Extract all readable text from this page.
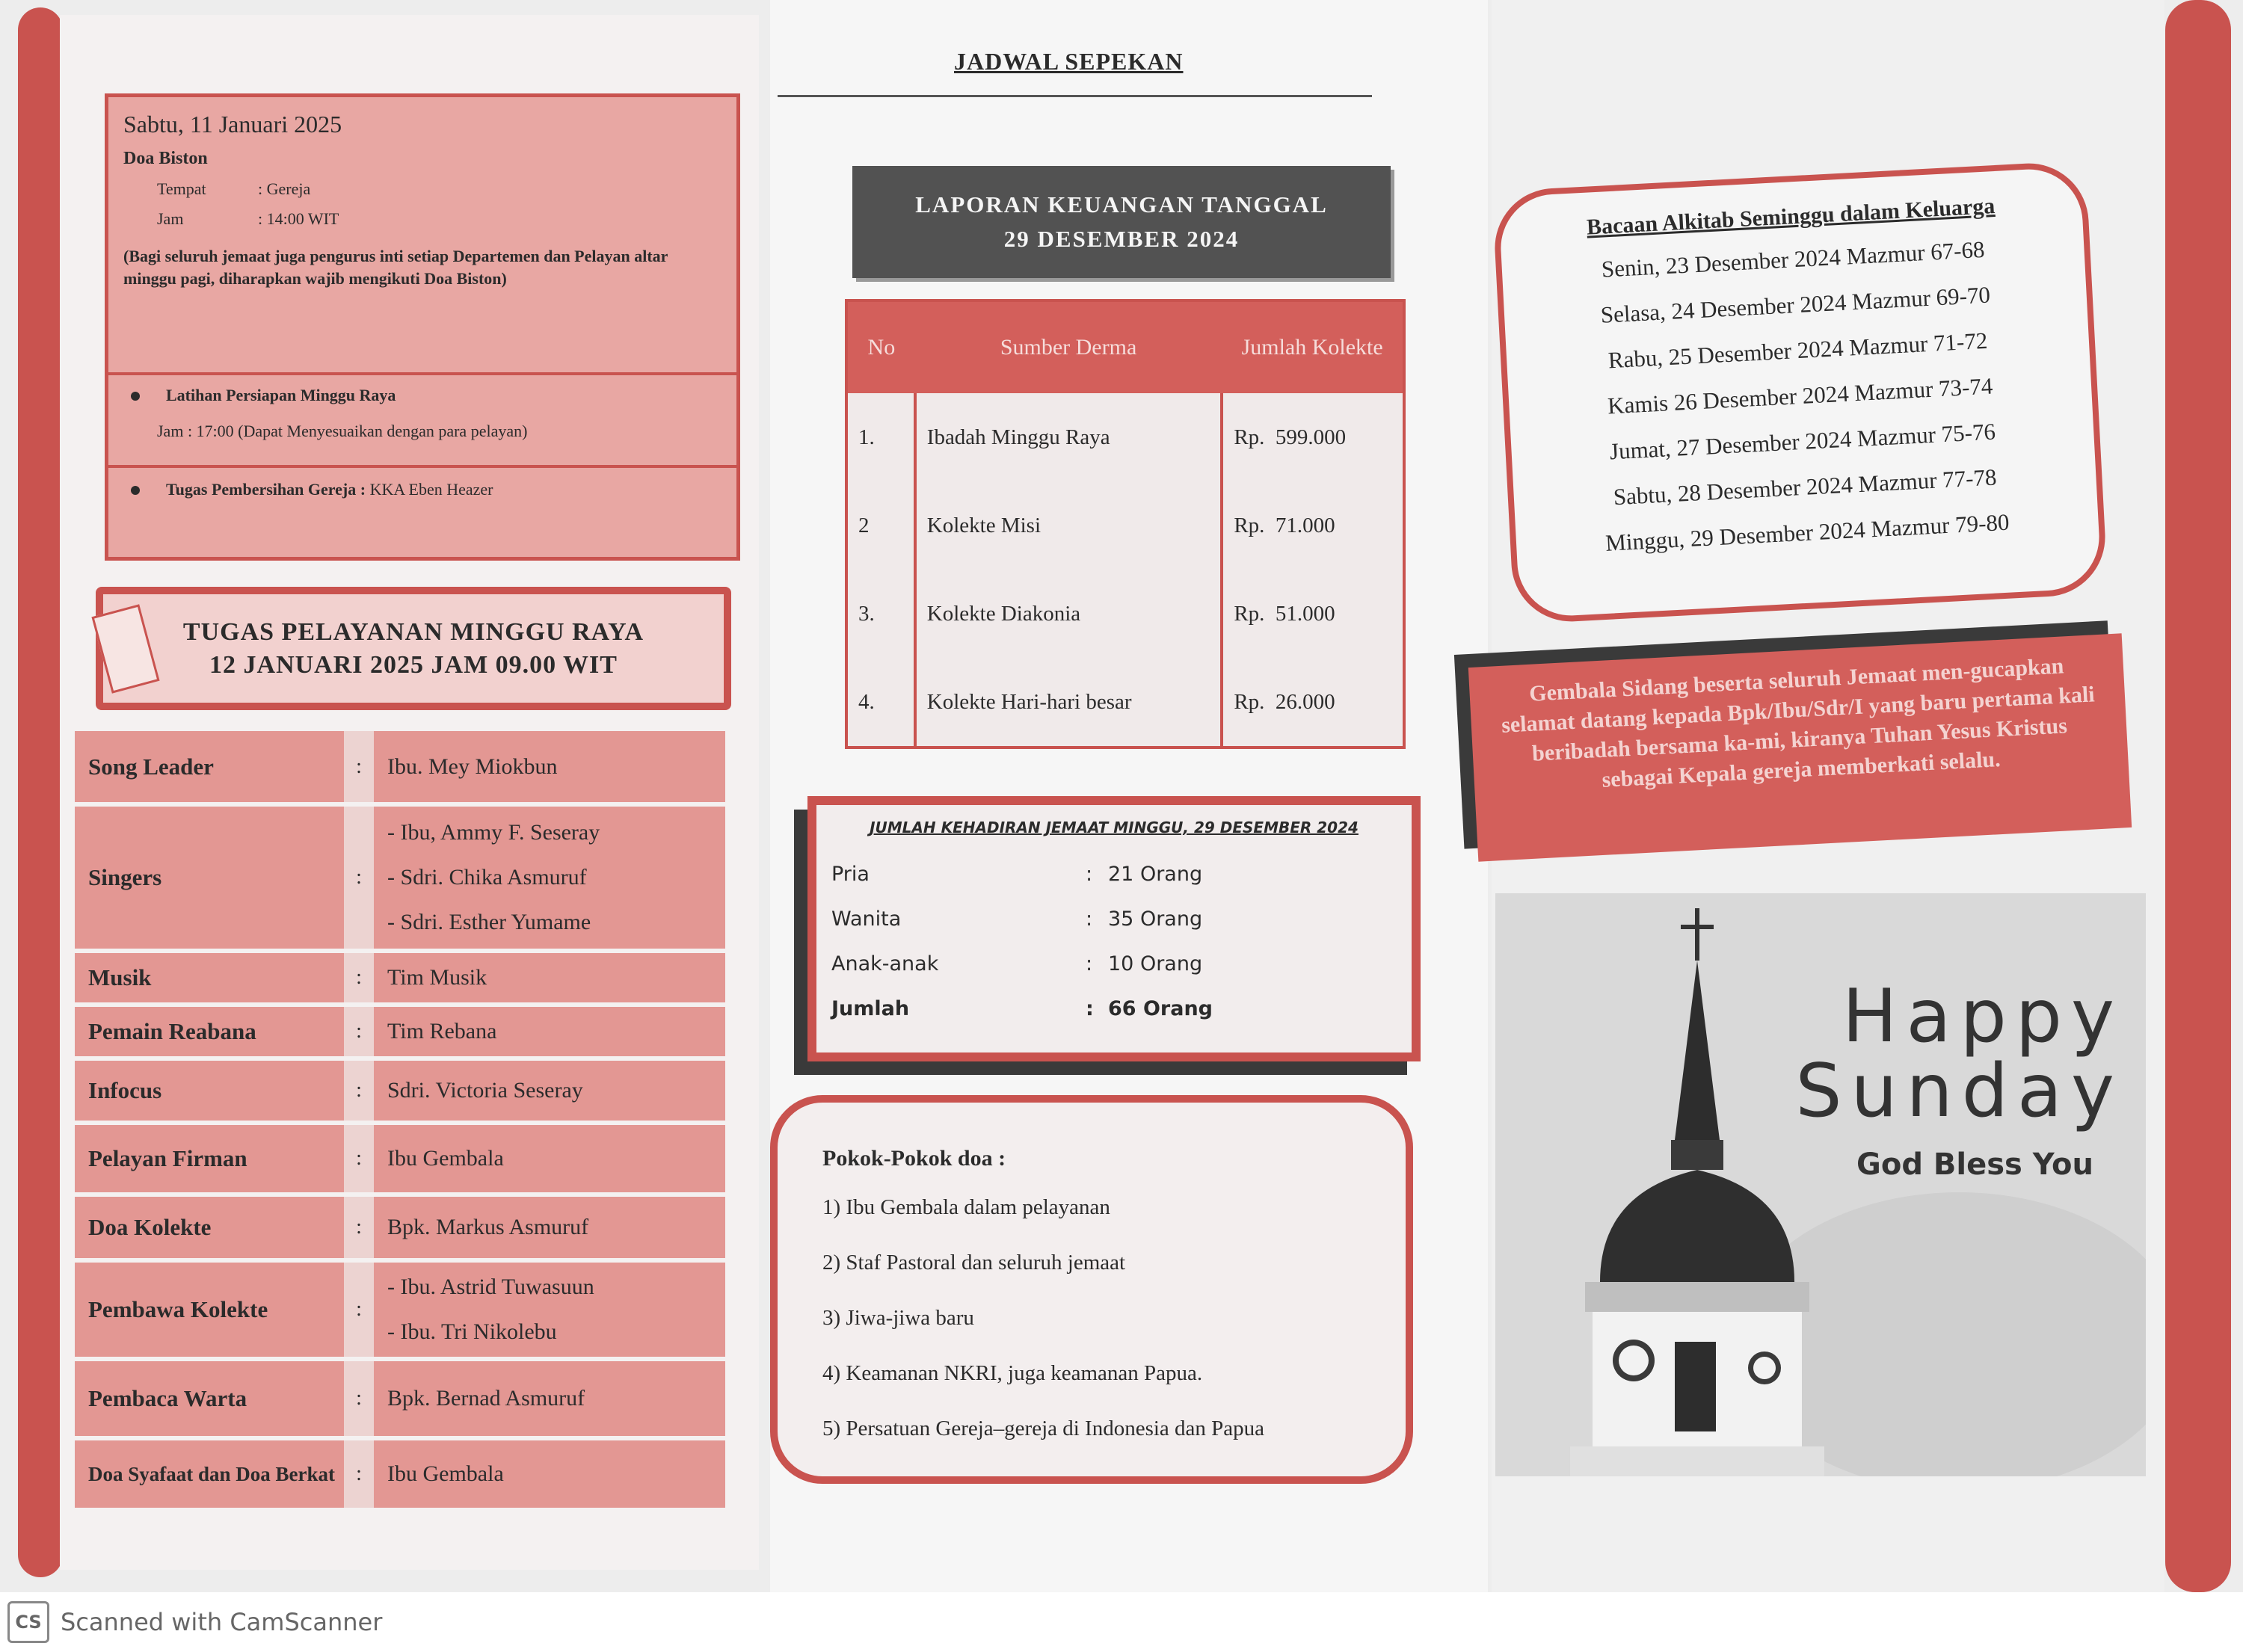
Sabtu, 11 Januari 2025
Doa Biston
Tempat	: Gereja
Jam	: 14:00 WIT
(Bagi seluruh jemaat juga pengurus inti setiap Departemen dan Pelayan altar minggu pagi, diharapkan wajib mengikuti Doa Biston)
Latihan Persiapan Minggu Raya
Jam : 17:00 (Dapat Menyesuaikan dengan para pelayan)
Tugas Pembersihan Gereja : KKA Eben Heazer
TUGAS PELAYANAN MINGGU RAYA
12 JANUARI 2025 JAM 09.00 WIT
Song Leader	:	Ibu. Mey Miokbun
Singers	:
- Ibu, Ammy F. Seseray
- Sdri. Chika Asmuruf
- Sdri. Esther Yumame
Musik	:	Tim Musik
Pemain Reabana	:	Tim Rebana
Infocus	:	Sdri. Victoria Seseray
Pelayan Firman	:	Ibu Gembala
Doa Kolekte	:	Bpk. Markus Asmuruf
Pembawa Kolekte	:
- Ibu. Astrid Tuwasuun
- Ibu. Tri Nikolebu
Pembaca Warta	:	Bpk. Bernad Asmuruf
Doa Syafaat dan Doa Berkat	:	Ibu Gembala
JADWAL SEPEKAN
LAPORAN KEUANGAN TANGGAL
29 DESEMBER 2024
No	Sumber Derma	Jumlah Kolekte
1.	Ibadah Minggu Raya	Rp. 599.000
2	Kolekte Misi	Rp. 71.000
3.	Kolekte Diakonia	Rp. 51.000
4.	Kolekte Hari-hari besar	Rp. 26.000
JUMLAH KEHADIRAN JEMAAT MINGGU, 29 DESEMBER 2024
Pria	: 21 Orang
Wanita	: 35 Orang
Anak-anak	: 10 Orang
Jumlah	: 66 Orang
Pokok-Pokok doa :
1) Ibu Gembala dalam pelayanan
2) Staf Pastoral dan seluruh jemaat
3) Jiwa-jiwa baru
4) Keamanan NKRI, juga keamanan Papua.
5) Persatuan Gereja–gereja di Indonesia dan Papua
Bacaan Alkitab Seminggu dalam Keluarga
Senin, 23 Desember 2024 Mazmur 67-68
Selasa, 24 Desember 2024 Mazmur 69-70
Rabu, 25 Desember 2024 Mazmur 71-72
Kamis 26 Desember 2024 Mazmur 73-74
Jumat, 27 Desember 2024 Mazmur 75-76
Sabtu, 28 Desember 2024 Mazmur 77-78
Minggu, 29 Desember 2024 Mazmur 79-80
Gembala Sidang beserta seluruh Jemaat men-gucapkan selamat datang kepada Bpk/Ibu/Sdr/I yang baru pertama kali beribadah bersama ka-mi, kiranya Tuhan Yesus Kristus sebagai Kepala gereja memberkati selalu.
Happy
Sunday
God Bless You
CS Scanned with CamScanner
